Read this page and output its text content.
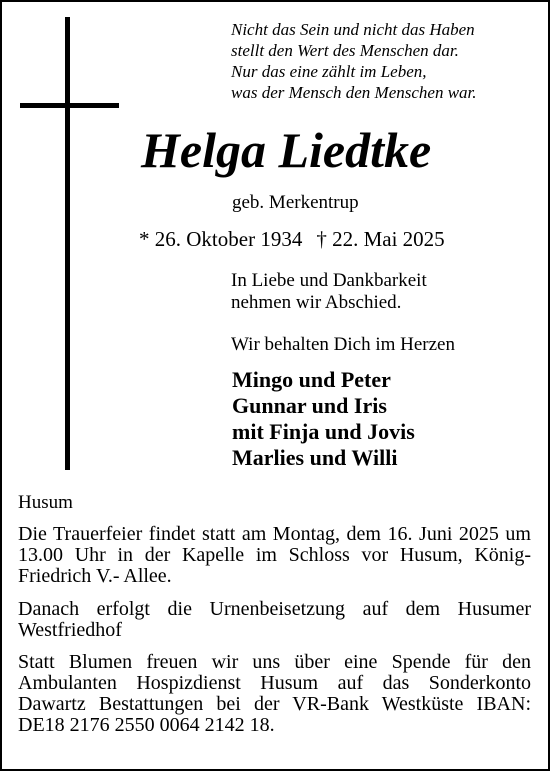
Nicht das Sein und nicht das Haben
stellt den Wert des Menschen dar.
Nur das eine zählt im Leben,
was der Mensch den Menschen war.
Helga Liedtke
geb. Merkentrup
* 26. Oktober 1934 † 22. Mai 2025
In Liebe und Dankbarkeit
nehmen wir Abschied.
Wir behalten Dich im Herzen
Mingo und Peter
Gunnar und Iris
mit Finja und Jovis
Marlies und Willi
Husum
Die Trauerfeier findet statt am Montag, dem 16. Juni 2025 um 13.00 Uhr in der Kapelle im Schloss vor Husum, König-Friedrich V.- Allee.
Danach erfolgt die Urnenbeisetzung auf dem Husumer Westfriedhof
Statt Blumen freuen wir uns über eine Spende für den Ambulanten Hospizdienst Husum auf das Sonderkonto Dawartz Bestattungen bei der VR-Bank Westküste IBAN: DE18 2176 2550 0064 2142 18.
